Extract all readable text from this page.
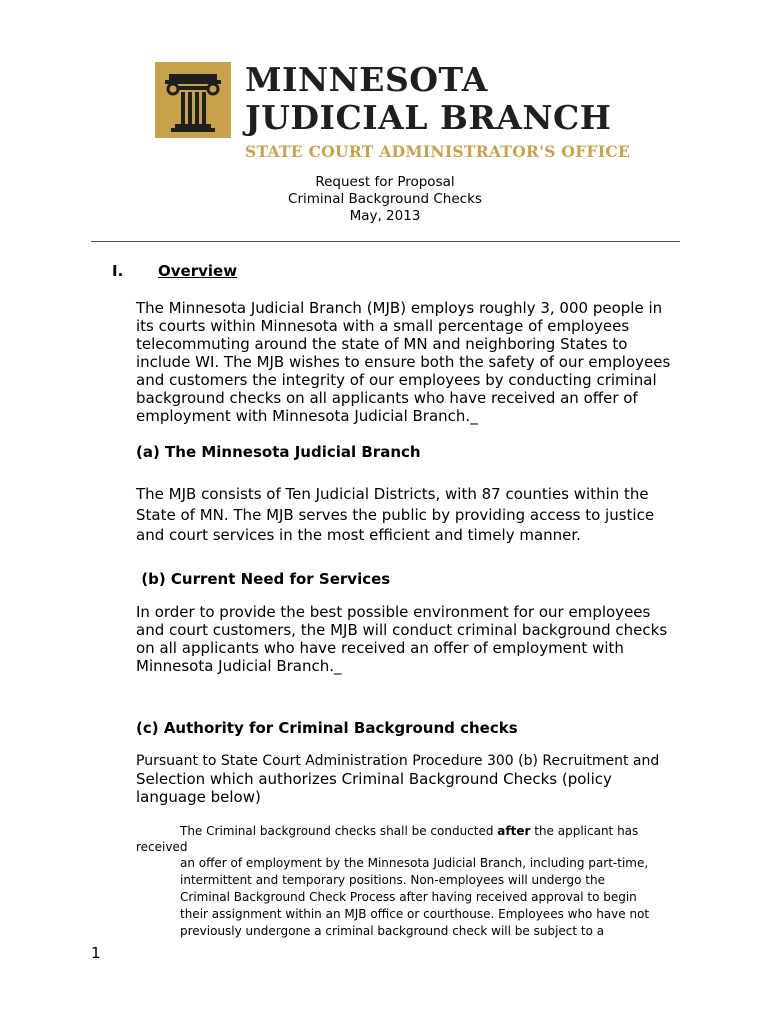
MINNESOTA
JUDICIAL BRANCH
STATE COURT ADMINISTRATOR'S OFFICE
Request for Proposal
Criminal Background Checks
May, 2013
I. Overview
The Minnesota Judicial Branch (MJB) employs roughly 3, 000 people in
its courts within Minnesota with a small percentage of employees
telecommuting around the state of MN and neighboring States to
include WI. The MJB wishes to ensure both the safety of our employees
and customers the integrity of our employees by conducting criminal
background checks on all applicants who have received an offer of
employment with Minnesota Judicial Branch._
(a) The Minnesota Judicial Branch
The MJB consists of Ten Judicial Districts, with 87 counties within the
State of MN. The MJB serves the public by providing access to justice
and court services in the most efficient and timely manner.
(b) Current Need for Services
In order to provide the best possible environment for our employees
and court customers, the MJB will conduct criminal background checks
on all applicants who have received an offer of employment with
Minnesota Judicial Branch._
(c) Authority for Criminal Background checks
Pursuant to State Court Administration Procedure 300 (b) Recruitment and
Selection which authorizes Criminal Background Checks (policy
language below)
The Criminal background checks shall be conducted after the applicant has
received
an offer of employment by the Minnesota Judicial Branch, including part-time,
intermittent and temporary positions. Non-employees will undergo the
Criminal Background Check Process after having received approval to begin
their assignment within an MJB office or courthouse. Employees who have not
previously undergone a criminal background check will be subject to a
1
